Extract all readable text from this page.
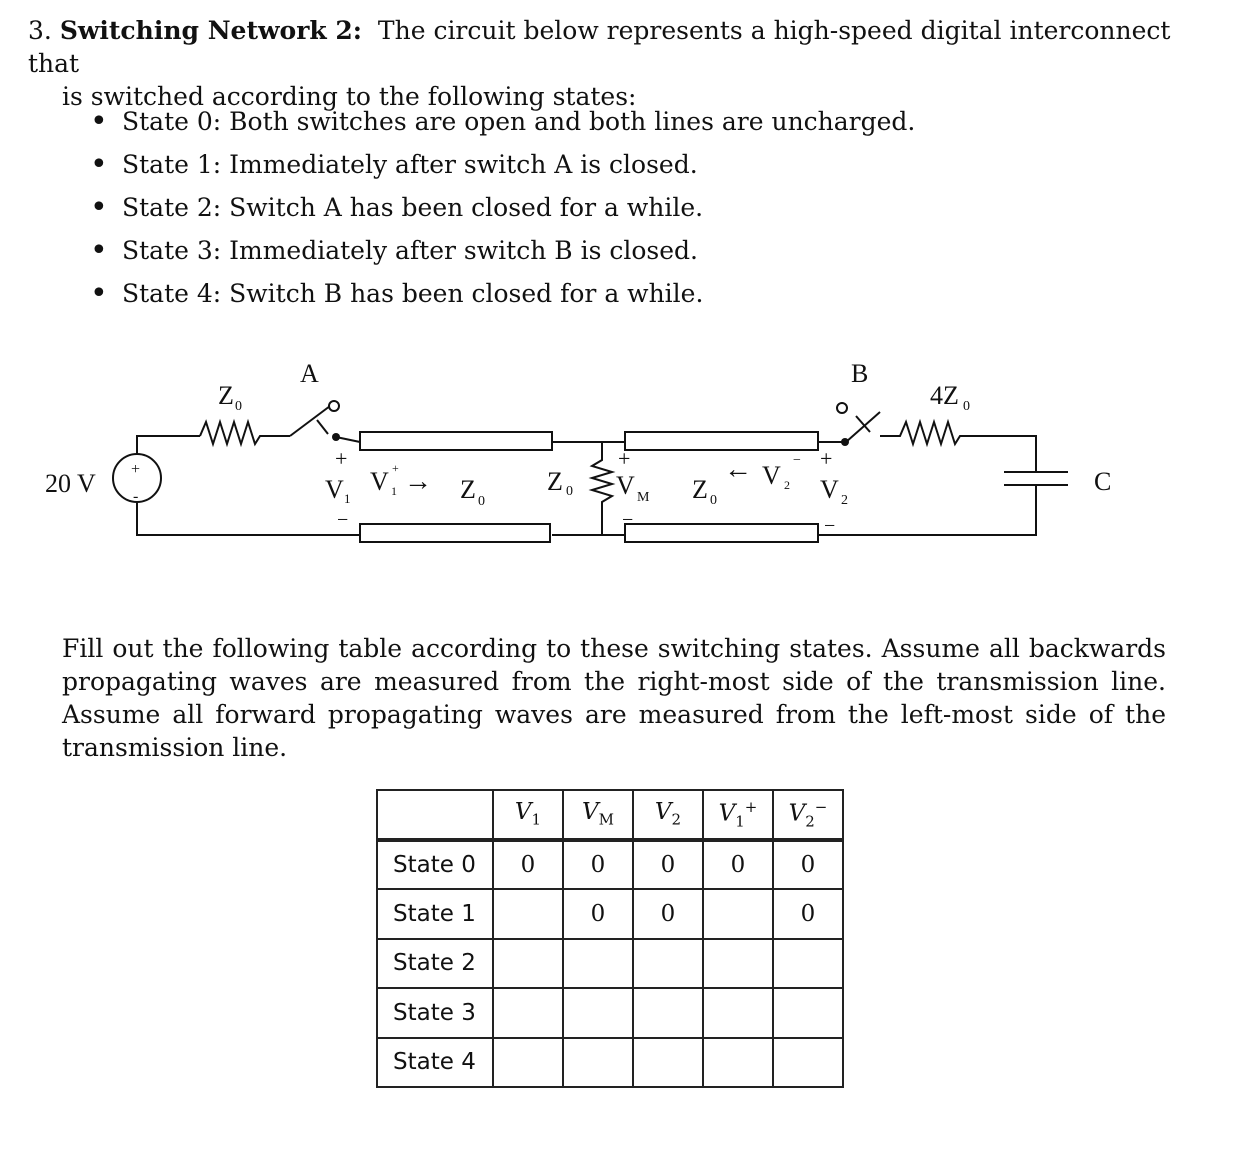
3. Switching Network 2: The circuit below represents a high-speed digital interconnect that
is switched according to the following states:
• State 0: Both switches are open and both lines are uncharged.
• State 1: Immediately after switch A is closed.
• State 2: Switch A has been closed for a while.
• State 3: Immediately after switch B is closed.
• State 4: Switch B has been closed for a while.
20 V +
-
Z 0
A	B
4Z 0
C
+
V 1
−
V 1
+ → Z 0
Z 0
+
V M
−
Z 0
← V 2
− +
V 2
−
Fill out the following table according to these switching states. Assume all backwards propagating waves are measured from the right-most side of the transmission line. Assume all forward propagating waves are measured from the left-most side of the transmission line.
	$V_1$	$V_M$	$V_2$	$V_1^+$	$V_2^-$
State 0	0	0	0	0	0
State 1		0	0		0
State 2					
State 3					
State 4					
